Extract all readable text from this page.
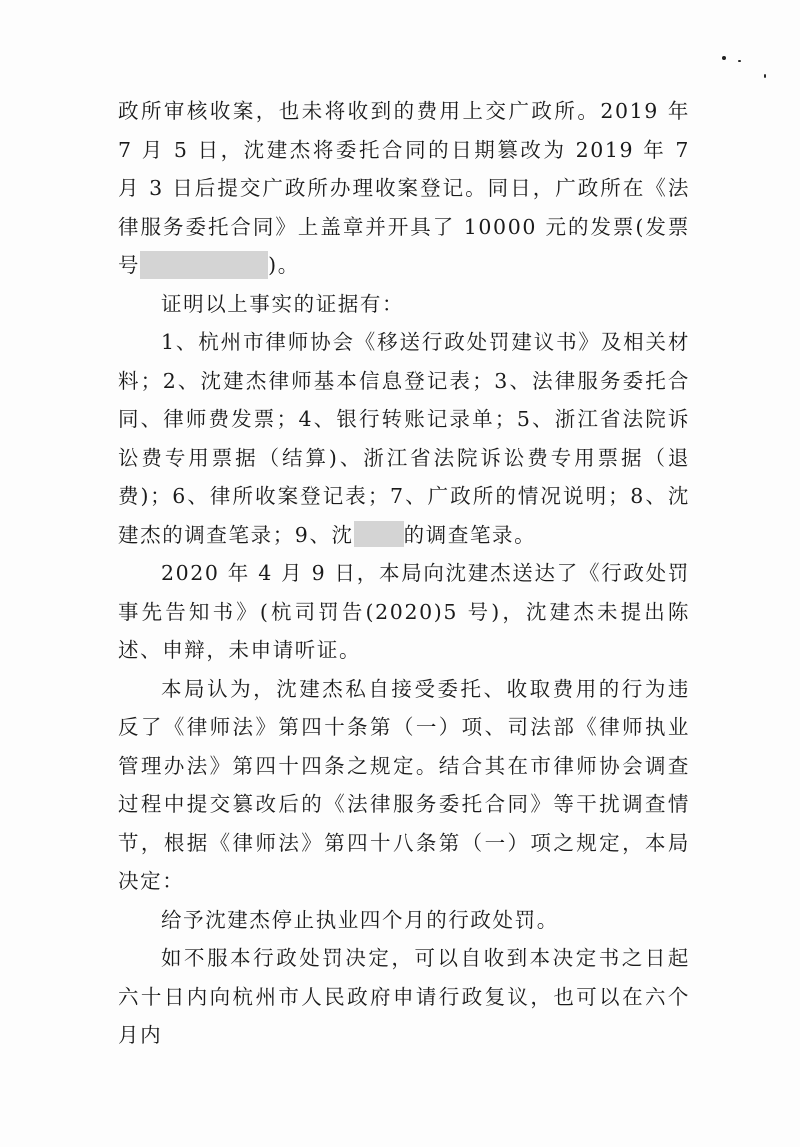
政所审核收案，也未将收到的费用上交广政所。2019 年 7 月 5 日，沈建杰将委托合同的日期篡改为 2019 年 7 月 3 日后提交广政所办理收案登记。同日，广政所在《法律服务委托合同》上盖章并开具了 10000 元的发票(发票号	)。

证明以上事实的证据有：

1、杭州市律师协会《移送行政处罚建议书》及相关材料；2、沈建杰律师基本信息登记表；3、法律服务委托合同、律师费发票；4、银行转账记录单；5、浙江省法院诉讼费专用票据（结算)、浙江省法院诉讼费专用票据（退费)；6、律所收案登记表；7、广政所的情况说明；8、沈建杰的调查笔录；9、沈 的调查笔录。

2020 年 4 月 9 日，本局向沈建杰送达了《行政处罚事先告知书》(杭司罚告(2020)5 号)，沈建杰未提出陈述、申辩，未申请听证。

本局认为，沈建杰私自接受委托、收取费用的行为违反了《律师法》第四十条第（一）项、司法部《律师执业管理办法》第四十四条之规定。结合其在市律师协会调查过程中提交篡改后的《法律服务委托合同》等干扰调查情节，根据《律师法》第四十八条第（一）项之规定，本局决定：

给予沈建杰停止执业四个月的行政处罚。

如不服本行政处罚决定，可以自收到本决定书之日起六十日内向杭州市人民政府申请行政复议，也可以在六个月内
